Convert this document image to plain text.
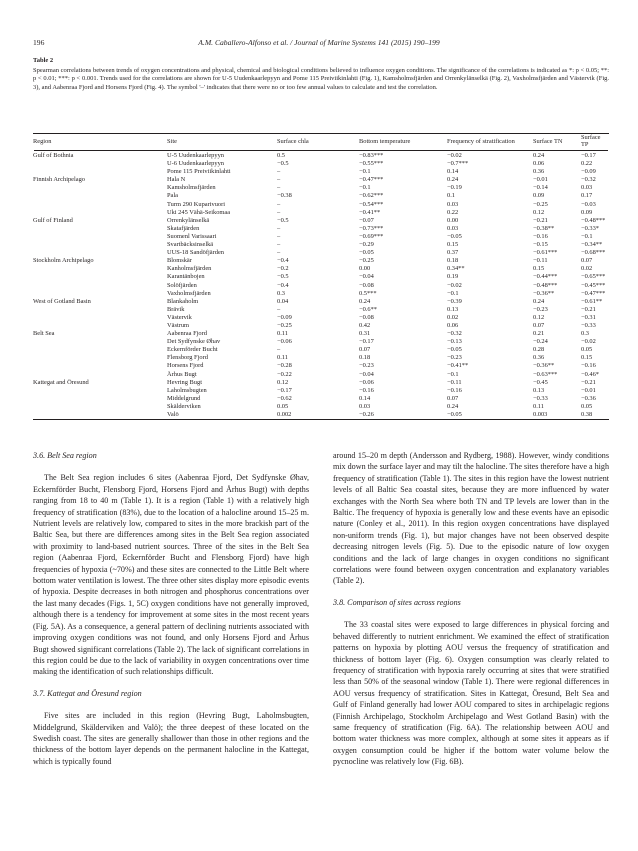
196	A.M. Caballero-Alfonso et al. / Journal of Marine Systems 141 (2015) 190–199
Table 2
Spearman correlations between trends of oxygen concentrations and physical, chemical and biological conditions believed to influence oxygen conditions. The significance of the correlations is indicated as *: p < 0.05; **: p < 0.01; ***: p < 0.001. Trends used for the correlations are shown for U-5 Uudenkaarlepyyn and Pome 115 Preiviikinlahti (Fig. 1), Kamsholmsfjärden and Orrenkylänselkä (Fig. 2), Vaxholmsfjärden and Västervik (Fig. 3), and Aabenraa Fjord and Horsens Fjord (Fig. 4). The symbol '–' indicates that there were no or too few annual values to calculate and test the correlation.
Region	Site	Surface chla	Bottom temperature	Frequency of stratification	Surface TN	Surface TP

Gulf of Bothnia	U-5 Uudenkaarlepyyn	0.5	−0.83***	−0.02	0.24	−0.17
	U-6 Uudenkaarlepyyn	−0.5	−0.55***	−0.7***	0.06	0.22
	Pome 115 Preiviikinlahti	–	−0.1	0.14	0.36	−0.09
Finnish Archipelago	Hala N	–	−0.47***	0.24	−0.01	−0.32
	Kamsholmsfjärden	–	−0.1	−0.19	−0.14	0.03
	Pala	−0.38	−0.62***	0.1	0.09	0.17
	Turm 290 Kuparivuori	–	−0.54***	0.03	−0.25	−0.03
	Uki 245 Vähä-Seikomaa	–	−0.41**	0.22	0.12	0.09
Gulf of Finland	Orrenkylänselkä	−0.5	−0.07	0.00	−0.21	−0.48***
	Skatafjärden	–	−0.73***	0.03	−0.38**	−0.33*
	Suomenl Varissaari	–	−0.69***	−0.05	−0.16	−0.1
	Svartbäcksinselkä	–	−0.29	0.15	−0.15	−0.34**
	UUS-18 Sandöfjärden	–	−0.05	0.37	−0.61***	−0.68***
Stockholm Archipelago	Blomskär	−0.4	−0.25	0.18	−0.11	0.07
	Kanholmsfjärden	−0.2	0.00	0.34**	0.15	0.02
	Karantänbojen	−0.5	−0.04	0.19	−0.44***	−0.65***
	Solöfjärden	−0.4	−0.08	−0.02	−0.48***	−0.45***
	Vaxholmsfjärden	0.3	0.5***	−0.1	−0.36**	−0.47***
West of Gotland Basin	Blankaholm	0.04	0.24	−0.39	0.24	−0.61**
	Brävik	–	−0.6**	0.13	−0.23	−0.21
	Västervik	−0.09	−0.08	0.02	0.12	−0.31
	Västrum	−0.25	0.42	0.06	0.07	−0.33
Belt Sea	Aabenraa Fjord	0.11	0.31	−0.32	0.21	0.3
	Det Sydfynske Øhav	−0.06	−0.17	−0.13	−0.24	−0.02
	Eckernförder Bucht	–	0.07	−0.05	0.28	0.05
	Flensborg Fjord	0.11	0.18	−0.23	0.36	0.15
	Horsens Fjord	−0.28	−0.23	−0.41**	−0.36**	−0.16
	Århus Bugt	−0.22	−0.04	−0.1	−0.63***	−0.46*
Kattegat and Öresund	Hevring Bugt	0.12	−0.06	−0.11	−0.45	−0.21
	Laholmsbugten	−0.17	−0.16	−0.16	0.13	−0.01
	Middelgrund	−0.62	0.14	0.07	−0.33	−0.36
	Skälderviken	0.05	0.03	0.24	0.11	0.05
	Valö	0.002	−0.26	−0.05	0.003	0.38
3.6. Belt Sea region

The Belt Sea region includes 6 sites (Aabenraa Fjord, Det Sydfynske Øhav, Eckernförder Bucht, Flensborg Fjord, Horsens Fjord and Århus Bugt) with depths ranging from 18 to 40 m (Table 1). It is a region (Table 1) with a relatively high frequency of stratification (83%), due to the location of a halocline around 15–25 m. Nutrient levels are relatively low, compared to sites in the more brackish part of the Baltic Sea, but there are differences among sites in the Belt Sea region associated with proximity to land-based nutrient sources. Three of the sites in the Belt Sea region (Aabenraa Fjord, Eckernförder Bucht and Flensborg Fjord) have high frequencies of hypoxia (~70%) and these sites are connected to the Little Belt where bottom water ventilation is lowest. The three other sites display more episodic events of hypoxia. Despite decreases in both nitrogen and phosphorus concentrations over the last many decades (Figs. 1, 5C) oxygen conditions have not generally improved, although there is a tendency for improvement at some sites in the most recent years (Fig. 5A). As a consequence, a general pattern of declining nutrients associated with improving oxygen conditions was not found, and only Horsens Fjord and Århus Bugt showed significant correlations (Table 2). The lack of significant correlations in this region could be due to the lack of variability in oxygen concentrations over time making the identification of such relationships difficult.

3.7. Kattegat and Öresund region

Five sites are included in this region (Hevring Bugt, Laholmsbugten, Middelgrund, Skälderviken and Valö); the three deepest of these located on the Swedish coast. The sites are generally shallower than those in other regions and the thickness of the bottom layer depends on the permanent halocline in the Kattegat, which is typically found

around 15–20 m depth (Andersson and Rydberg, 1988). However, windy conditions mix down the surface layer and may tilt the halocline. The sites therefore have a high frequency of stratification (Table 1). The sites in this region have the lowest nutrient levels of all Baltic Sea coastal sites, because they are more influenced by water exchanges with the North Sea where both TN and TP levels are lower than in the Baltic. The frequency of hypoxia is generally low and these events have an episodic nature (Conley et al., 2011). In this region oxygen concentrations have displayed non-uniform trends (Fig. 1), but major changes have not been observed despite decreasing nitrogen levels (Fig. 5). Due to the episodic nature of low oxygen conditions and the lack of large changes in oxygen conditions no significant correlations were found between oxygen concentration and explanatory variables (Table 2).

3.8. Comparison of sites across regions

The 33 coastal sites were exposed to large differences in physical forcing and behaved differently to nutrient enrichment. We examined the effect of stratification patterns on hypoxia by plotting AOU versus the frequency of stratification and thickness of bottom layer (Fig. 6). Oxygen consumption was clearly related to frequency of stratification with hypoxia rarely occurring at sites that were stratified less than 50% of the seasonal window (Table 1). There were regional differences in AOU versus frequency of stratification. Sites in Kattegat, Öresund, Belt Sea and Gulf of Finland generally had lower AOU compared to sites in archipelagic regions (Finnish Archipelago, Stockholm Archipelago and West Gotland Basin) with the same frequency of stratification (Fig. 6A). The relationship between AOU and bottom water thickness was more complex, although at some sites it appears as if oxygen consumption could be higher if the bottom water volume below the pycnocline was relatively low (Fig. 6B).
